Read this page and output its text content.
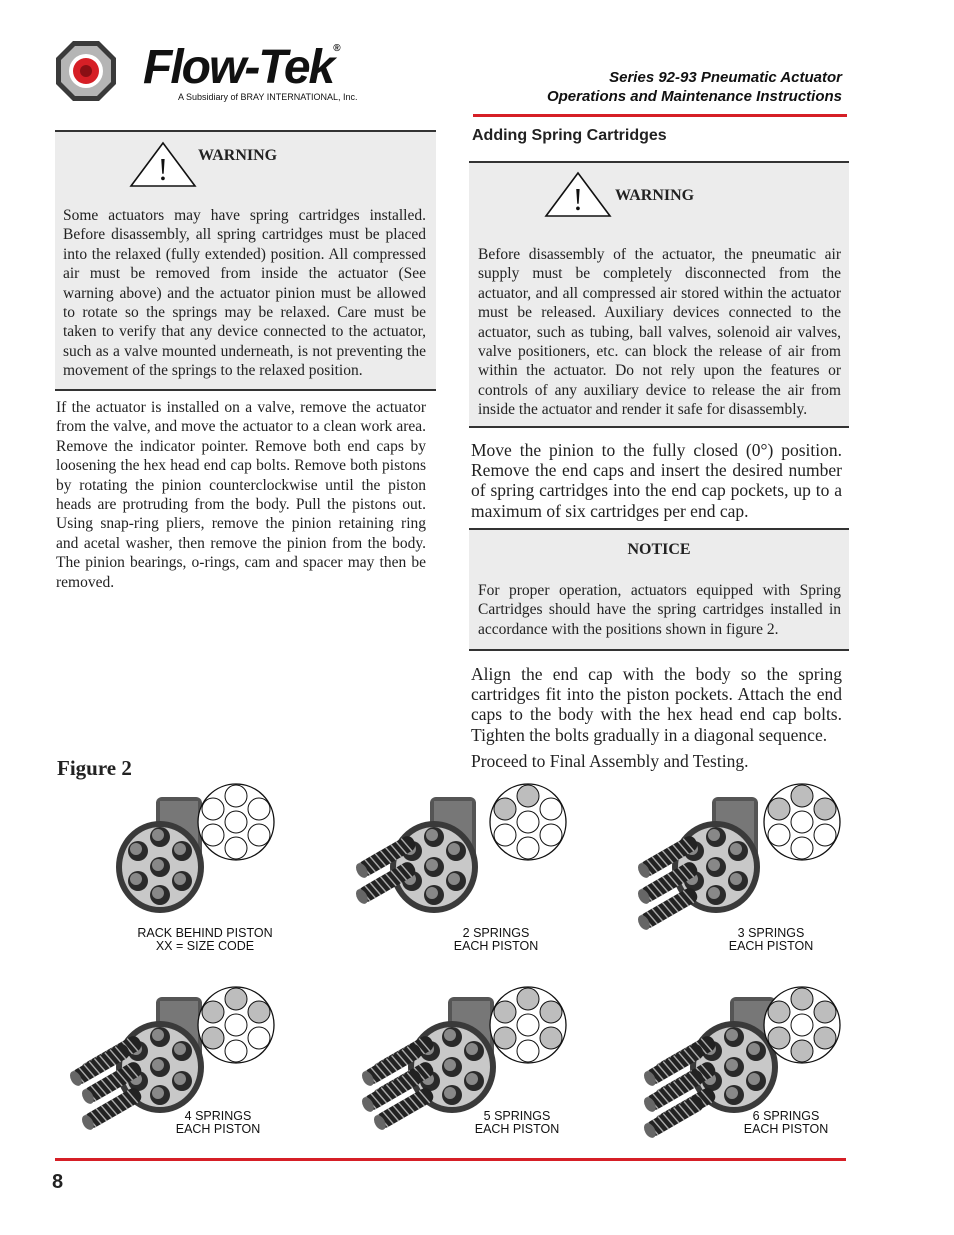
Flow-Tek®
A Subsidiary of BRAY INTERNATIONAL, Inc.
Series 92-93 Pneumatic Actuator
Operations and Maintenance Instructions
! WARNING
Some actuators may have spring cartridges installed. Before disassembly, all spring cartridges must be placed into the relaxed (fully extended) position. All compressed air must be removed from inside the actuator (See warning above) and the actuator pinion must be allowed to rotate so the springs may be relaxed. Care must be taken to verify that any device connected to the actuator, such as a valve mounted underneath, is not preventing the movement of the springs to the relaxed position.
If the actuator is installed on a valve, remove the actuator from the valve, and move the actuator to a clean work area. Remove the indicator pointer. Remove both end caps by loosening the hex head end cap bolts. Remove both pistons by rotating the pinion counterclockwise until the piston heads are protruding from the body. Pull the pistons out. Using snap-ring pliers, remove the pinion retaining ring and acetal washer, then remove the pinion from the body. The pinion bearings, o-rings, cam and spacer may then be removed.
Adding Spring Cartridges
! WARNING
Before disassembly of the actuator, the pneumatic air supply must be completely disconnected from the actuator, and all compressed air stored within the actuator must be released. Auxiliary devices connected to the actuator, such as tubing, ball valves, solenoid air valves, valve positioners, etc. can block the release of air from within the actuator. Do not rely upon the features or controls of any auxiliary device to release the air from inside the actuator and render it safe for disassembly.
Move the pinion to the fully closed (0°) position. Remove the end caps and insert the desired number of spring cartridges into the end cap pockets, up to a maximum of six cartridges per end cap.
NOTICE
For proper operation, actuators equipped with Spring Cartridges should have the spring cartridges installed in accordance with the positions shown in figure 2.
Align the end cap with the body so the spring cartridges fit into the piston pockets. Attach the end caps to the body with the hex head end cap bolts. Tighten the bolts gradually in a diagonal sequence.
Proceed to Final Assembly and Testing.
Figure 2
RACK BEHIND PISTON
XX = SIZE CODE
2 SPRINGS
EACH PISTON
3 SPRINGS
EACH PISTON
4 SPRINGS
EACH PISTON
5 SPRINGS
EACH PISTON
6 SPRINGS
EACH PISTON
8
